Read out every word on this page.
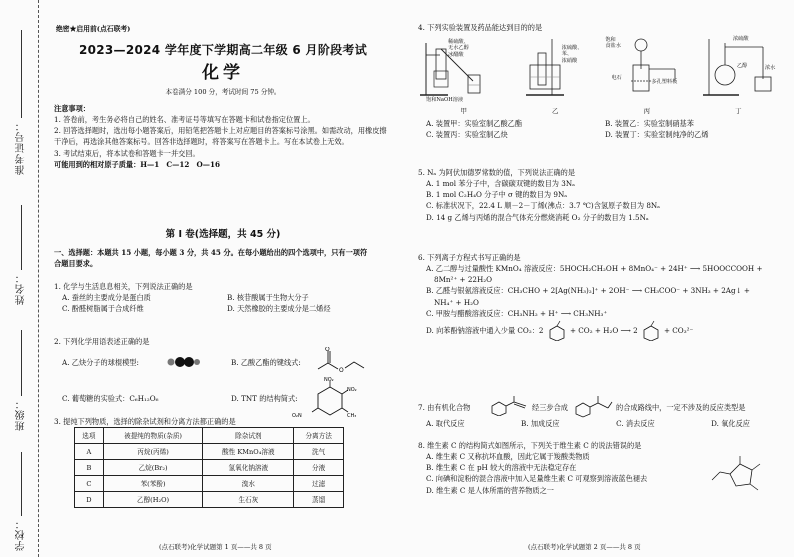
准考证号：
姓名：
班级：
学校：
绝密★启用前(点石联考)
2023—2024 学年度下学期高二年级 6 月阶段考试
化学
本卷满分 100 分，考试时间 75 分钟。

注意事项：

1. 答卷前，考生务必将自己的姓名、准考证号等填写在答题卡和试卷指定位置上。

2. 回答选择题时，选出每小题答案后，用铅笔把答题卡上对应题目的答案标号涂黑。如需改动，用橡皮擦干净后，再选涂其他答案标号。回答非选择题时，将答案写在答题卡上。写在本试卷上无效。

3. 考试结束后，将本试卷和答题卡一并交回。

可能用到的相对原子质量：H—1　C—12　O—16

第 I 卷(选择题，共 45 分)

一、选择题：本题共 15 小题，每小题 3 分，共 45 分。在每小题给出的四个选项中，只有一项符

合题目要求。

1. 化学与生活息息相关，下列说法正确的是

A. 蚕丝的主要成分是蛋白质	B. 核苷酸属于生物大分子
C. 酚醛树脂属于合成纤维	D. 天然橡胶的主要成分是二烯烃

2. 下列化学用语表述正确的是

A. 乙炔分子的球棍模型:	B. 乙酸乙酯的键线式:
O
O
C. 葡萄糖的实验式：C₆H₁₂O₆	D. TNT 的结构简式:
NO₂
CH₃
O₂N
NO₂

3. 提纯下列物质，选择的除杂试剂和分离方法都正确的是

选项	被提纯的物质(杂质)	除杂试剂	分离方法
A	丙烷(丙烯)	酸性 KMnO₄溶液	洗气
B	乙烷(Br₂)	氢氧化钠溶液	分液
C	苯(苯酚)	溴水	过滤
D	乙醇(H₂O)	生石灰	蒸馏
(点石联考)化学试题第 1 页——共 8 页

4. 下列实验装置及药品能达到目的的是

稀硫酸、
无水乙醇
冰醋酸
饱和NaOH溶液
浓硫酸、
苯、
浓硝酸
饱和
食盐水
电石
多孔塑料板
浓硫酸
乙醇	浓水
甲	乙	丙	丁
A. 装置甲：实验室制乙酸乙酯	B. 装置乙：实验室制硝基苯
C. 装置丙：实验室制乙炔	D. 装置丁：实验室制纯净的乙烯

5. Nₐ 为阿伏加德罗常数的值，下列说法正确的是

A. 1 mol 苯分子中，含碳碳双键的数目为 3Nₐ

B. 1 mol C₂H₄O 分子中 σ 键的数目为 9Nₐ

C. 标准状况下，22.4 L 顺－2－丁烯(沸点：3.7 ℃)含氢原子数目为 8Nₐ

D. 14 g 乙烯与丙烯的混合气体充分燃烧消耗 O₂ 分子的数目为 1.5Nₐ

6. 下列离子方程式书写正确的是

A. 乙二醇与过量酸性 KMnO₄ 溶液反应：5HOCH₂CH₂OH + 8MnO₄⁻ + 24H⁺ ⟶ 5HOOCCOOH +

8Mn²⁺ + 22H₂O

B. 乙醛与银氨溶液反应：CH₃CHO + 2[Ag(NH₃)₂]⁺ + 2OH⁻ ⟶ CH₃COO⁻ + 3NH₃ + 2Ag↓ +

NH₄⁺ + H₂O

C. 甲胺与醋酸溶液反应：CH₃NH₂ + H⁺ ⟶ CH₃NH₃⁺

D. 向苯酚钠溶液中通入少量 CO₂：2	+ CO₂ + H₂O ⟶ 2	+ CO₃²⁻
7. 由有机化合物	经三步合成	的合成路线中，一定不涉及的反应类型是
A. 取代反应	B. 加成反应	C. 消去反应	D. 氧化反应

8. 维生素 C 的结构简式如图所示，下列关于维生素 C 的说法错误的是

A. 维生素 C 又称抗坏血酸，因此它属于羧酸类物质

B. 维生素 C 在 pH 较大的溶液中无法稳定存在

C. 向碘和淀粉的混合溶液中加入足量维生素 C 可观察到溶液蓝色褪去

D. 维生素 C 是人体所需的营养物质之一

(点石联考)化学试题第 2 页——共 8 页
